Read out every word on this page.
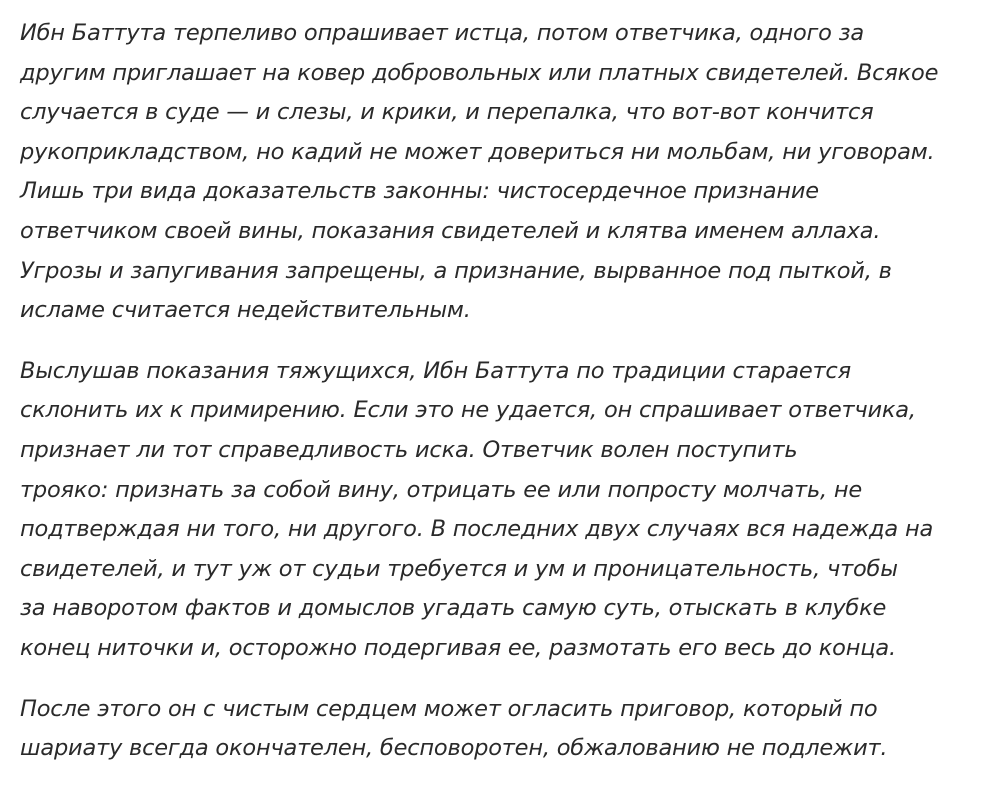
Ибн Баттута терпеливо опрашивает истца, потом ответчика, одного за
другим приглашает на ковер добровольных или платных свидетелей. Всякое
случается в суде — и слезы, и крики, и перепалка, что вот-вот кончится
рукоприкладством, но кадий не может довериться ни мольбам, ни уговорам.
Лишь три вида доказательств законны: чистосердечное признание
ответчиком своей вины, показания свидетелей и клятва именем аллаха.
Угрозы и запугивания запрещены, а признание, вырванное под пыткой, в
исламе считается недействительным.

Выслушав показания тяжущихся, Ибн Баттута по традиции старается
склонить их к примирению. Если это не удается, он спрашивает ответчика,
признает ли тот справедливость иска. Ответчик волен поступить
трояко: признать за собой вину, отрицать ее или попросту молчать, не
подтверждая ни того, ни другого. В последних двух случаях вся надежда на
свидетелей, и тут уж от судьи требуется и ум и проницательность, чтобы
за наворотом фактов и домыслов угадать самую суть, отыскать в клубке
конец ниточки и, осторожно подергивая ее, размотать его весь до конца.

После этого он с чистым сердцем может огласить приговор, который по
шариату всегда окончателен, бесповоротен, обжалованию не подлежит.
